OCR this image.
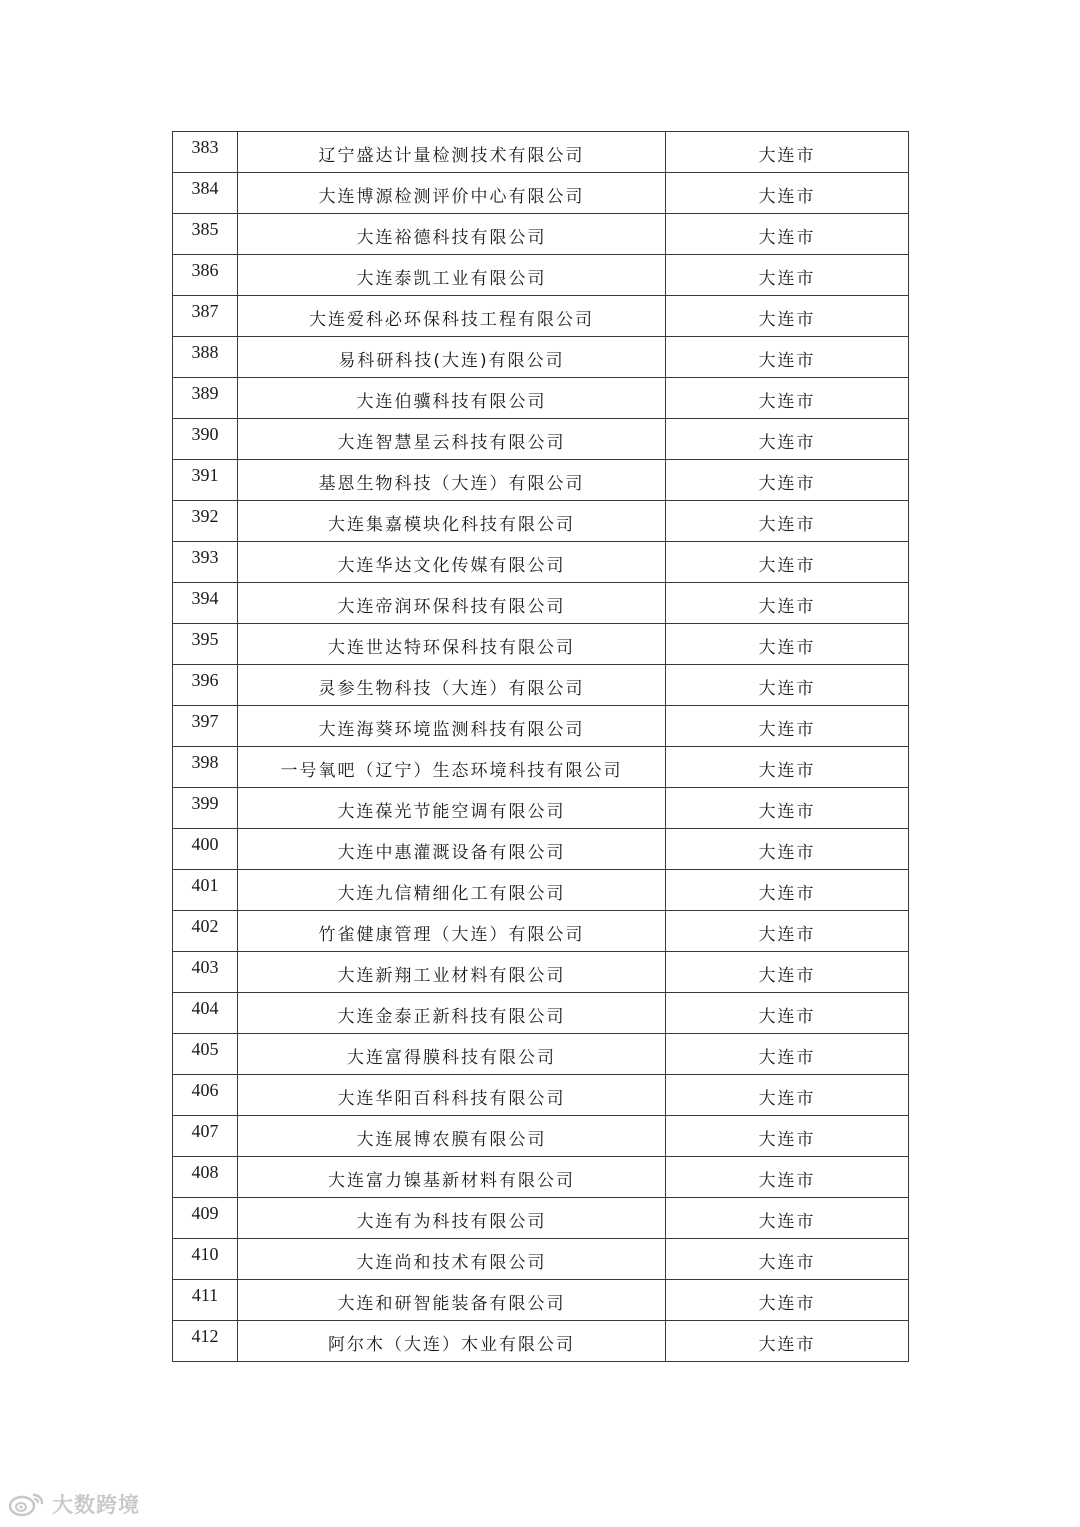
383	辽宁盛达计量检测技术有限公司	大连市
384	大连博源检测评价中心有限公司	大连市
385	大连裕德科技有限公司	大连市
386	大连泰凯工业有限公司	大连市
387	大连爱科必环保科技工程有限公司	大连市
388	易科研科技(大连)有限公司	大连市
389	大连伯骥科技有限公司	大连市
390	大连智慧星云科技有限公司	大连市
391	基恩生物科技（大连）有限公司	大连市
392	大连集嘉模块化科技有限公司	大连市
393	大连华达文化传媒有限公司	大连市
394	大连帝润环保科技有限公司	大连市
395	大连世达特环保科技有限公司	大连市
396	灵参生物科技（大连）有限公司	大连市
397	大连海葵环境监测科技有限公司	大连市
398	一号氧吧（辽宁）生态环境科技有限公司	大连市
399	大连葆光节能空调有限公司	大连市
400	大连中惠灌溉设备有限公司	大连市
401	大连九信精细化工有限公司	大连市
402	竹雀健康管理（大连）有限公司	大连市
403	大连新翔工业材料有限公司	大连市
404	大连金泰正新科技有限公司	大连市
405	大连富得膜科技有限公司	大连市
406	大连华阳百科科技有限公司	大连市
407	大连展博农膜有限公司	大连市
408	大连富力镍基新材料有限公司	大连市
409	大连有为科技有限公司	大连市
410	大连尚和技术有限公司	大连市
411	大连和研智能装备有限公司	大连市
412	阿尔木（大连）木业有限公司	大连市
大数跨境
